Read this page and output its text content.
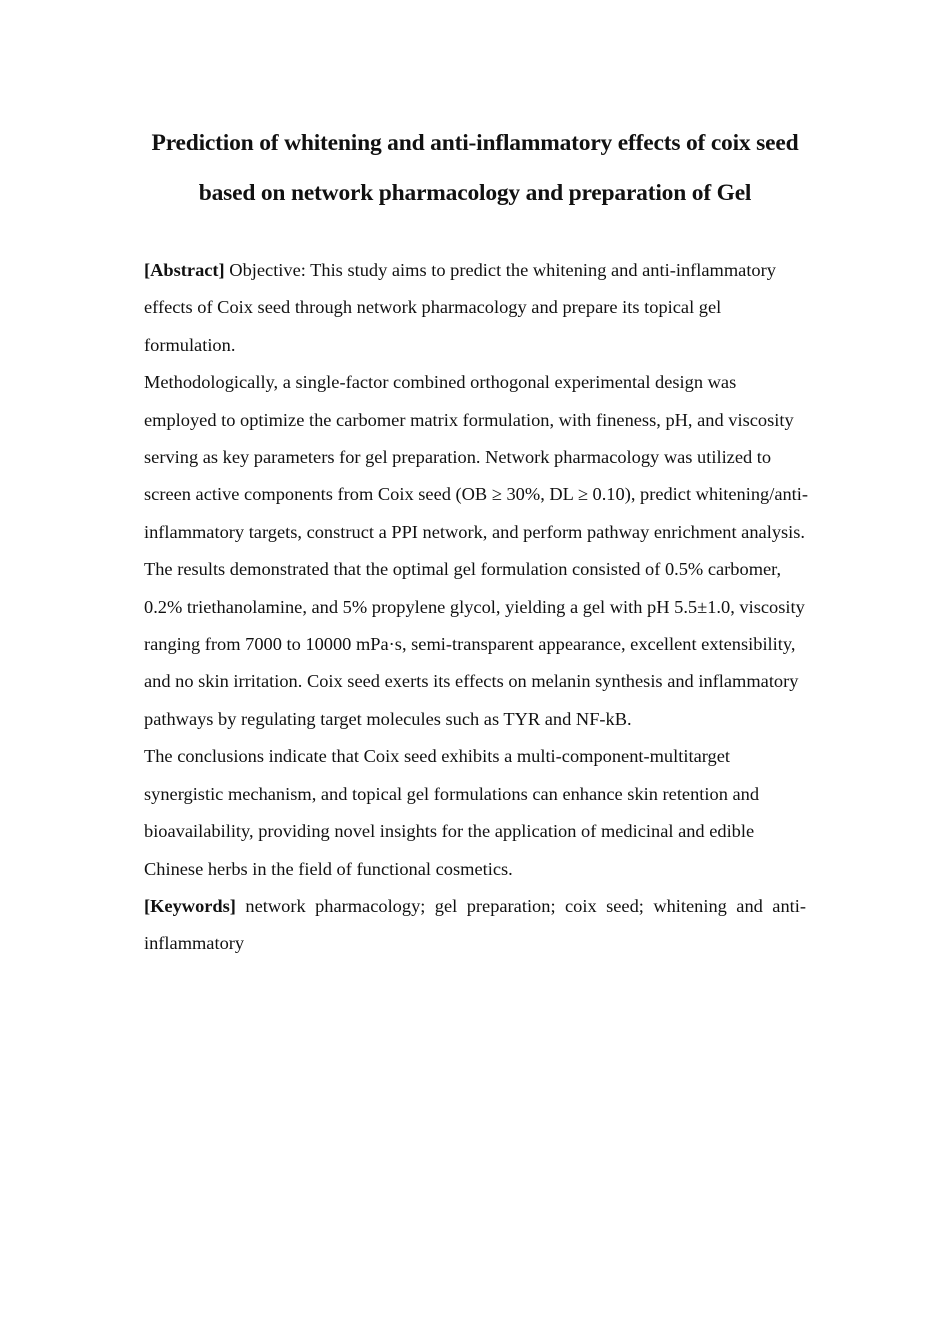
Prediction of whitening and anti-inflammatory effects of coix seed
based on network pharmacology and preparation of Gel

[Abstract] Objective: This study aims to predict the whitening and anti-inflammatory effects of Coix seed through network pharmacology and prepare its topical gel formulation.

Methodologically, a single-factor combined orthogonal experimental design was employed to optimize the carbomer matrix formulation, with fineness, pH, and viscosity serving as key parameters for gel preparation. Network pharmacology was utilized to screen active components from Coix seed (OB ≥ 30%, DL ≥ 0.10), predict whitening/anti-inflammatory targets, construct a PPI network, and perform pathway enrichment analysis.

The results demonstrated that the optimal gel formulation consisted of 0.5% carbomer, 0.2% triethanolamine, and 5% propylene glycol, yielding a gel with pH 5.5±1.0, viscosity ranging from 7000 to 10000 mPa·s, semi-transparent appearance, excellent extensibility, and no skin irritation. Coix seed exerts its effects on melanin synthesis and inflammatory pathways by regulating target molecules such as TYR and NF-kB.

The conclusions indicate that Coix seed exhibits a multi-component-multitarget synergistic mechanism, and topical gel formulations can enhance skin retention and bioavailability, providing novel insights for the application of medicinal and edible Chinese herbs in the field of functional cosmetics.

[Keywords] network pharmacology; gel preparation; coix seed; whitening and anti-inflammatory
